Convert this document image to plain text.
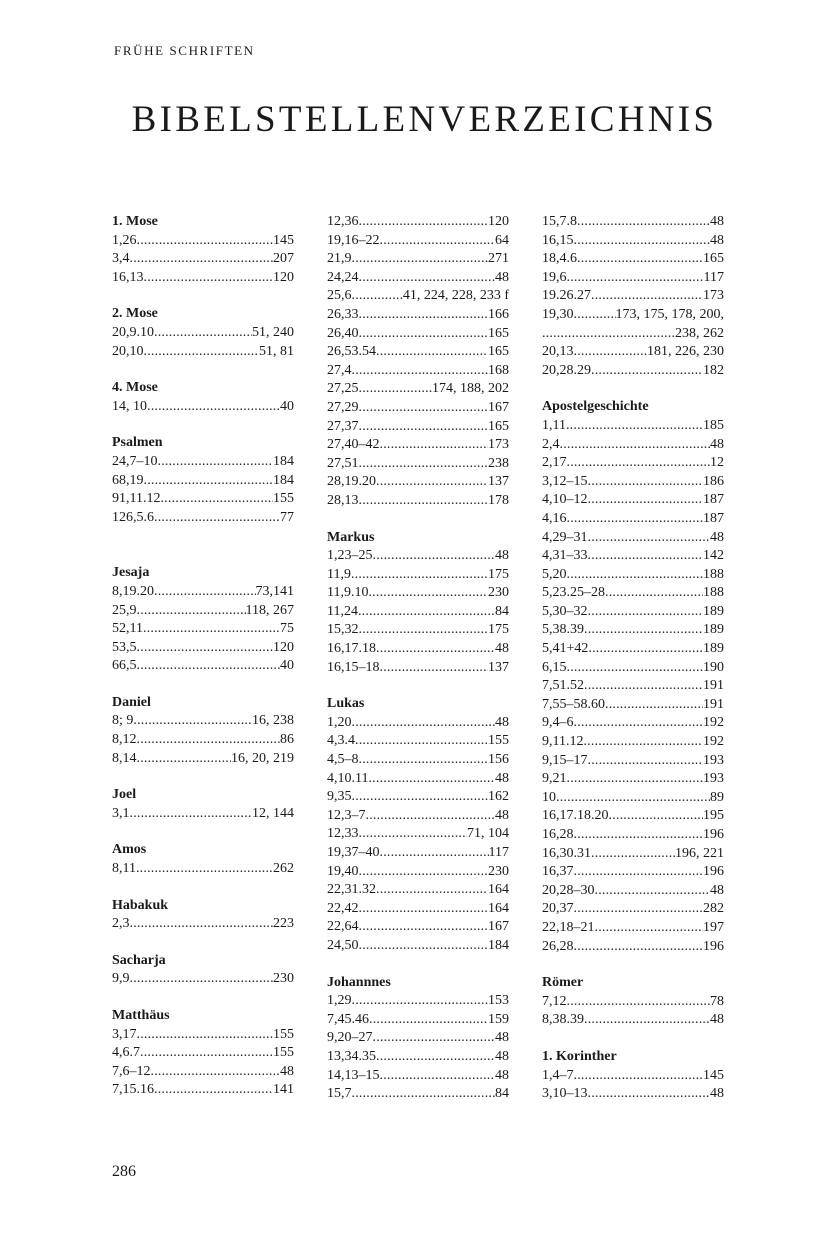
FRÜHE SCHRIFTEN
BIBELSTELLENVERZEICHNIS
1. Mose
1,26 .....	145
3,4 .....	207
16,13 .....	120
2. Mose
20,9.10 .....	51, 240
20,10 .....	51, 81
4. Mose
14, 10 .....	40
Psalmen
24,7–10 .....	184
68,19 .....	184
91,11.12 .....	155
126,5.6 .....	77
Jesaja
8,19.20 .....	73,141
25,9 .....	118, 267
52,11 .....	75
53,5 .....	120
66,5 .....	40
Daniel
8; 9 .....	16, 238
8,12 .....	86
8,14 .....	16, 20, 219
Joel
3,1 .....	12, 144
Amos
8,11 .....	262
Habakuk
2,3 .....	223
Sacharja
9,9 .....	230
Matthäus
3,17 .....	155
4,6.7 .....	155
7,6–12 .....	48
7,15.16 .....	141
12,36 .....	120
19,16–22 .....	64
21,9 .....	271
24,24 .....	48
25,6 .....	41, 224, 228, 233 f
26,33 .....	166
26,40 .....	165
26,53.54 .....	165
27,4 .....	168
27,25 .....	174, 188, 202
27,29 .....	167
27,37 .....	165
27,40–42 .....	173
27,51 .....	238
28,19.20 .....	137
28,13 .....	178
Markus
1,23–25 .....	48
11,9 .....	175
11,9.10 .....	230
11,24 .....	84
15,32 .....	175
16,17.18 .....	48
16,15–18 .....	137
Lukas
1,20 .....	48
4,3.4 .....	155
4,5–8 .....	156
4,10.11 .....	48
9,35 .....	162
12,3–7 .....	48
12,33 .....	71, 104
19,37–40 .....	117
19,40 .....	230
22,31.32 .....	164
22,42 .....	164
22,64 .....	167
24,50 .....	184
Johannnes
1,29 .....	153
7,45.46 .....	159
9,20–27 .....	48
13,34.35 .....	48
14,13–15 .....	48
15,7 .....	84
15,7.8 .....	48
16,15 .....	48
18,4.6 .....	165
19,6 .....	117
19.26.27 .....	173
19,30 .....	173, 175, 178, 200,
.....
238, 262
20,13 .....	181, 226, 230
20,28.29 .....	182
Apostelgeschichte
1,11 .....	185
2,4 .....	48
2,17 .....	12
3,12–15 .....	186
4,10–12 .....	187
4,16 .....	187
4,29–31 .....	48
4,31–33 .....	142
5,20 .....	188
5,23.25–28 .....	188
5,30–32 .....	189
5,38.39 .....	189
5,41+42 .....	189
6,15 .....	190
7,51.52 .....	191
7,55–58.60 .....	191
9,4–6 .....	192
9,11.12 .....	192
9,15–17 .....	193
9,21 .....	193
10 .....	89
16,17.18.20 .....	195
16,28 .....	196
16,30.31 .....	196, 221
16,37 .....	196
20,28–30 .....	48
20,37 .....	282
22,18–21 .....	197
26,28 .....	196
Römer
7,12 .....	78
8,38.39 .....	48
1. Korinther
1,4–7 .....	145
3,10–13 .....	48
286
